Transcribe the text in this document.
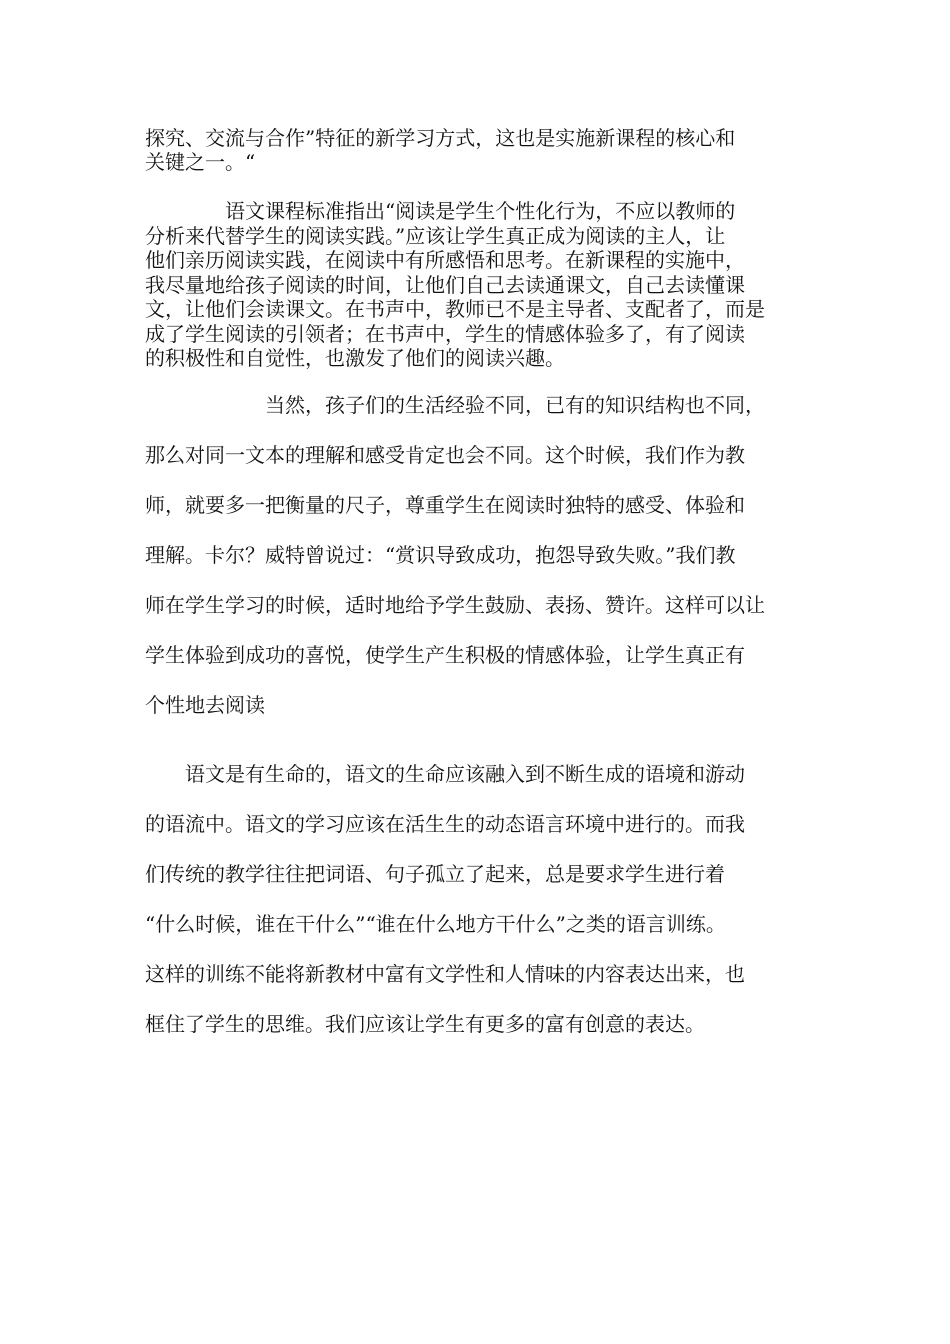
探究、交流与合作”特征的新学习方式，这也是实施新课程的核心和
关键之一。“
语文课程标准指出“阅读是学生个性化行为，不应以教师的
分析来代替学生的阅读实践。”应该让学生真正成为阅读的主人，让
他们亲历阅读实践，在阅读中有所感悟和思考。在新课程的实施中，
我尽量地给孩子阅读的时间，让他们自己去读通课文，自己去读懂课
文，让他们会读课文。在书声中，教师已不是主导者、支配者了，而是
成了学生阅读的引领者；在书声中，学生的情感体验多了，有了阅读
的积极性和自觉性，也激发了他们的阅读兴趣。
当然，孩子们的生活经验不同，已有的知识结构也不同，
那么对同一文本的理解和感受肯定也会不同。这个时候，我们作为教
师，就要多一把衡量的尺子，尊重学生在阅读时独特的感受、体验和
理解。卡尔？威特曾说过：“赏识导致成功，抱怨导致失败。”我们教
师在学生学习的时候，适时地给予学生鼓励、表扬、赞许。这样可以让
学生体验到成功的喜悦，使学生产生积极的情感体验，让学生真正有
个性地去阅读
语文是有生命的，语文的生命应该融入到不断生成的语境和游动
的语流中。语文的学习应该在活生生的动态语言环境中进行的。而我
们传统的教学往往把词语、句子孤立了起来，总是要求学生进行着
“什么时候，谁在干什么”“谁在什么地方干什么”之类的语言训练。
这样的训练不能将新教材中富有文学性和人情味的内容表达出来，也
框住了学生的思维。我们应该让学生有更多的富有创意的表达。
